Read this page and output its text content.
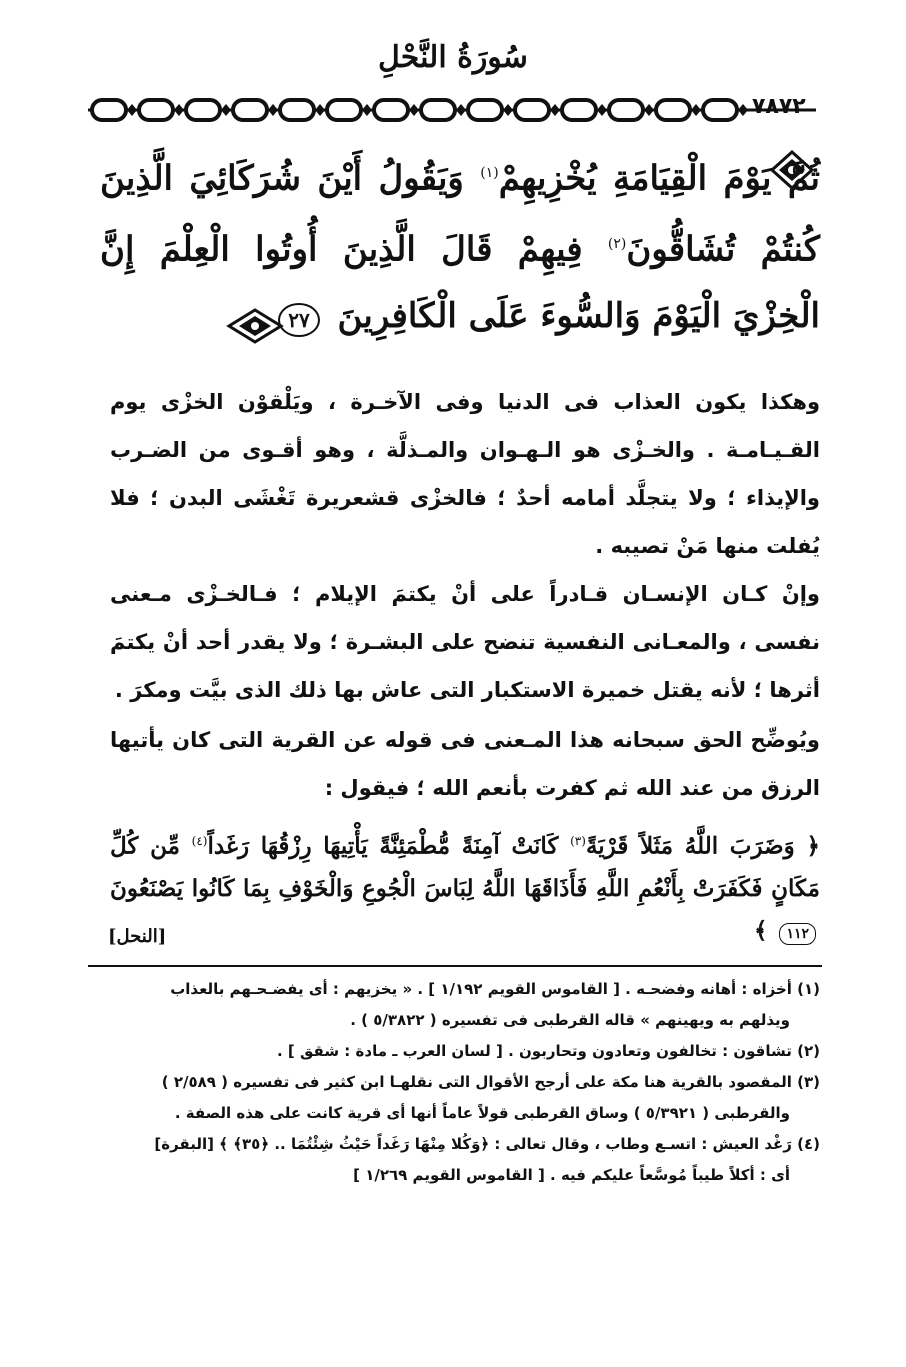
سُورَةُ النَّحْلِ
٧٨٧٢
ثُمَّ يَوْمَ الْقِيَامَةِ يُخْزِيهِمْ$^{(١)}$ وَيَقُولُ أَيْنَ شُرَكَائِيَ الَّذِينَ كُنتُمْ تُشَاقُّونَ$^{(٢)}$ فِيهِمْ قَالَ الَّذِينَ أُوتُوا الْعِلْمَ إِنَّ الْخِزْيَ الْيَوْمَ وَالسُّوءَ عَلَى الْكَافِرِينَ ٢٧
وهكذا يكون العذاب فى الدنيا وفى الآخـرة ، ويَلْقوْن الخزْى يوم القـيـامـة . والخـزْى هو الـهـوان والمـذلَّة ، وهو أقـوى من الضـرب والإيذاء ؛ ولا يتجلَّد أمامه أحدٌ ؛ فالخزْى قشعريرة تَغْشَى البدن ؛ فلا يُفلت منها مَنْ تصيبه .
وإنْ كـان الإنسـان قـادراً على أنْ يكتمَ الإيلام ؛ فـالخـزْى مـعنى نفسى ، والمعـانى النفسية تنضح على البشـرة ؛ ولا يقدر أحد أنْ يكتمَ أثرها ؛ لأنه يقتل خميرة الاستكبار التى عاش بها ذلك الذى بيَّت ومكرَ .
ويُوضِّح الحق سبحانه هذا المـعنى فى قوله عن القرية التى كان يأتيها الرزق من عند الله ثم كفرت بأنعم الله ؛ فيقول :
﴿ وَضَرَبَ اللَّهُ مَثَلاً قَرْيَةً$^{(٣)}$ كَانَتْ آمِنَةً مُّطْمَئِنَّةً يَأْتِيهَا رِزْقُهَا رَغَداً$^{(٤)}$ مِّن كُلِّ مَكَانٍ فَكَفَرَتْ بِأَنْعُمِ اللَّهِ فَأَذَاقَهَا اللَّهُ لِبَاسَ الْجُوعِ وَالْخَوْفِ بِمَا كَانُوا يَصْنَعُونَ ١١٢ ﴾
[النحل]

(١) أخزاه : أهانه وفضحـه . [ القاموس القويم ١/١٩٢ ] . « يخزيهم : أى يفضـحـهم بالعذاب
ويذلهم به ويهينهم » قاله القرطبى فى تفسيره ( ٥/٣٨٢٢ ) .

(٢) تشاقون : تخالفون وتعادون وتحاربون . [ لسان العرب ـ مادة : شقق ] .

(٣) المقصود بالقرية هنا مكة على أرجح الأقوال التى نقلهـا ابن كثير فى تفسيره ( ٢/٥٨٩ )
والقرطبى ( ٥/٣٩٢١ ) وساق القرطبى قولاً عاماً أنها أى قرية كانت على هذه الصفة .

(٤) رَغْد العيش : اتسـع وطاب ، وقال تعالى : ﴿وَكُلا مِنْهَا رَغَداً حَيْثُ شِئْتُمَا .. ﴿٣٥﴾ ﴾ [البقرة]
أى : أكلاً طيباً مُوسَّعاً عليكم فيه . [ القاموس القويم ١/٢٦٩ ]
